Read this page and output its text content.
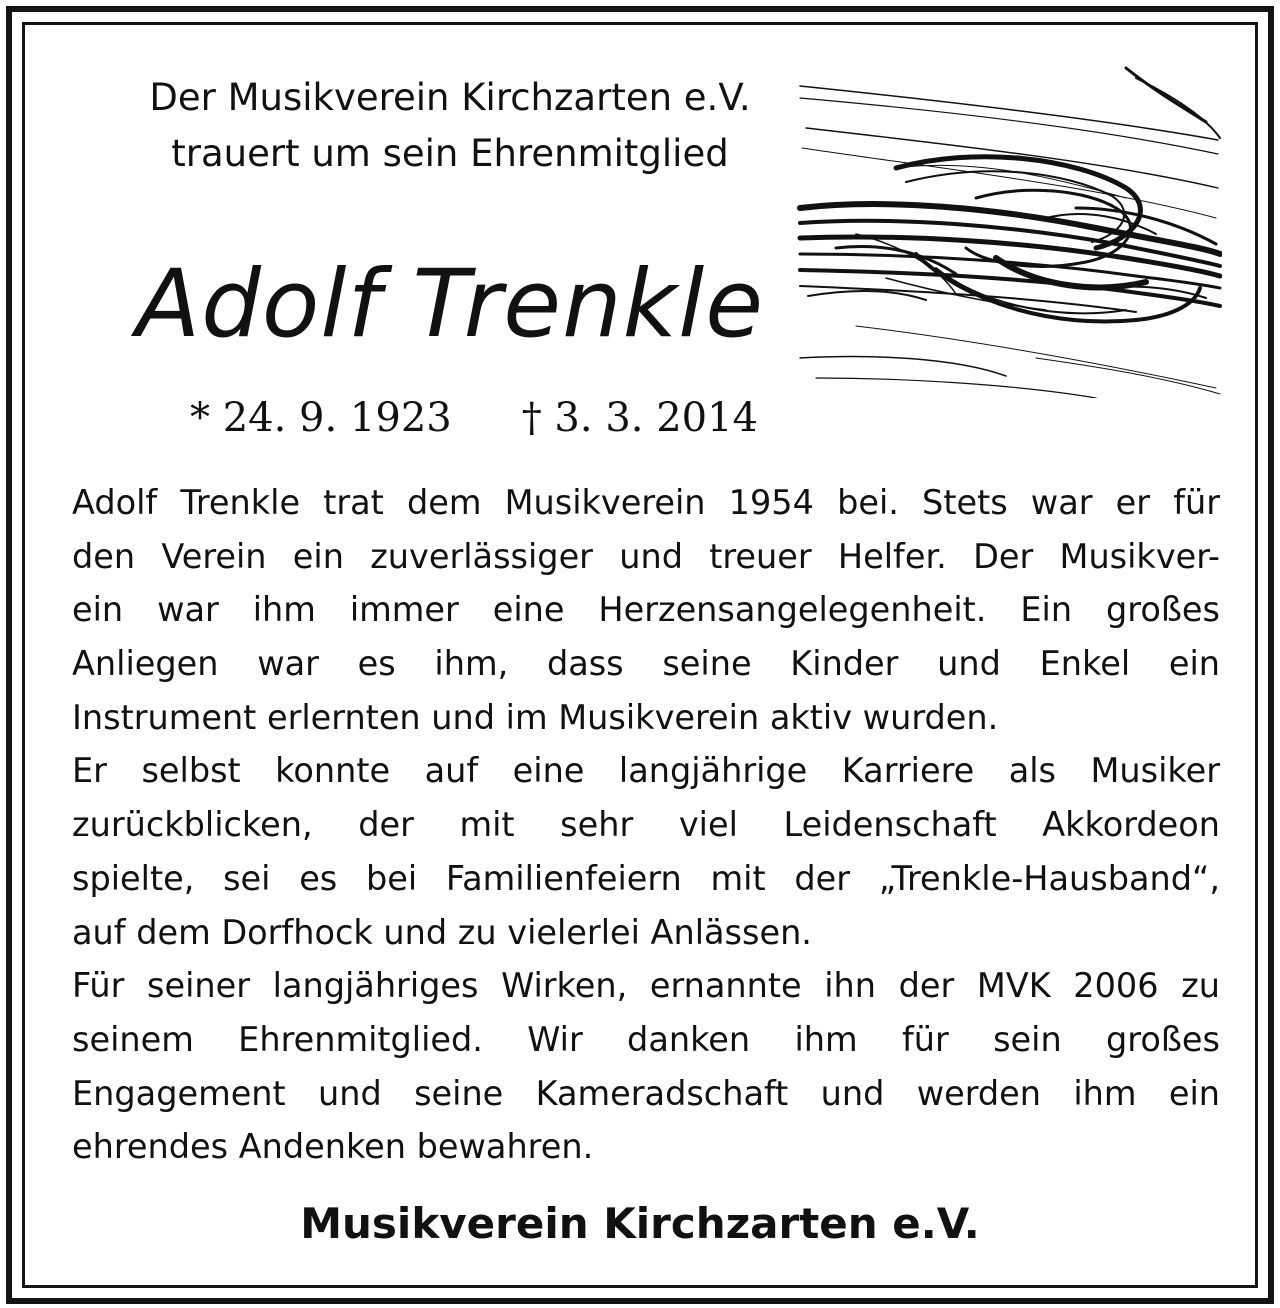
Der Musikverein Kirchzarten e.V.
trauert um sein Ehrenmitglied
Adolf Trenkle
* 24. 9. 1923 † 3. 3. 2014
Adolf Trenkle trat dem Musikverein 1954 bei. Stets war er für
den Verein ein zuverlässiger und treuer Helfer. Der Musikver-
ein war ihm immer eine Herzensangelegenheit. Ein großes
Anliegen war es ihm, dass seine Kinder und Enkel ein
Instrument erlernten und im Musikverein aktiv wurden.
Er selbst konnte auf eine langjährige Karriere als Musiker
zurückblicken, der mit sehr viel Leidenschaft Akkordeon
spielte, sei es bei Familienfeiern mit der „Trenkle-Hausband“,
auf dem Dorfhock und zu vielerlei Anlässen.
Für seiner langjähriges Wirken, ernannte ihn der MVK 2006 zu
seinem Ehrenmitglied. Wir danken ihm für sein großes
Engagement und seine Kameradschaft und werden ihm ein
ehrendes Andenken bewahren.
Musikverein Kirchzarten e.V.
